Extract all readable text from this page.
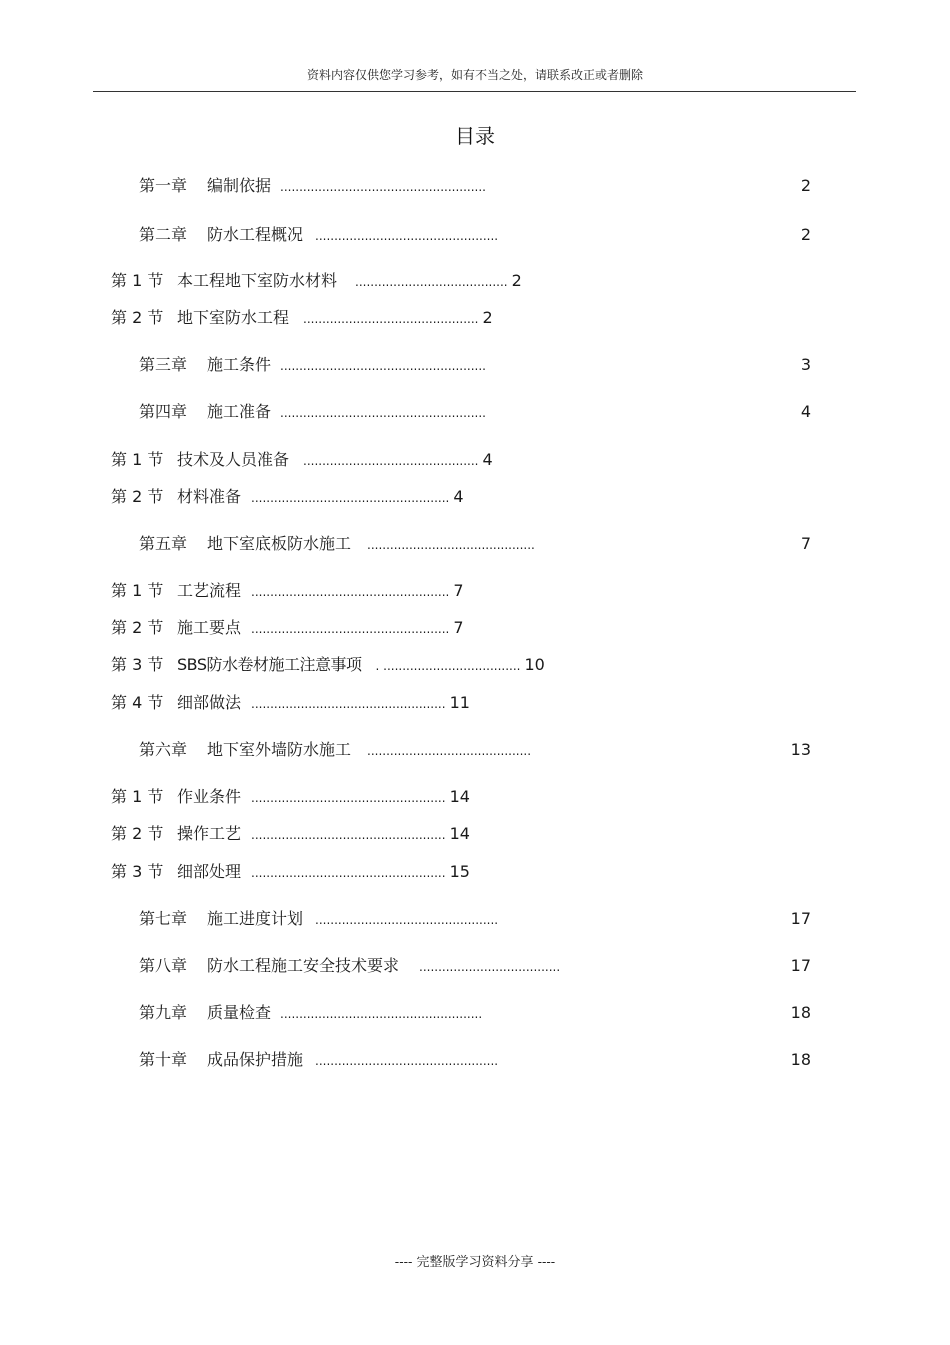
资料内容仅供您学习参考，如有不当之处，请联系改正或者删除
目录
第一章 编制依据 ......................................................	2
第二章 防水工程概况 ................................................	2
第 1 节 本工程地下室防水材料 ........................................ 2
第 2 节 地下室防水工程 .............................................. 2
第三章 施工条件 ......................................................	3
第四章 施工准备 ......................................................	4
第 1 节 技术及人员准备 .............................................. 4
第 2 节 材料准备 .................................................... 4
第五章 地下室底板防水施工 ............................................	7
第 1 节 工艺流程 .................................................... 7
第 2 节 施工要点 .................................................... 7
第 3 节 SBS防水卷材施工注意事项 . .................................... 10
第 4 节 细部做法 ................................................... 11
第六章 地下室外墙防水施工 ...........................................	13
第 1 节 作业条件 ................................................... 14
第 2 节 操作工艺 ................................................... 14
第 3 节 细部处理 ................................................... 15
第七章 施工进度计划 ................................................	17
第八章 防水工程施工安全技术要求 .....................................	17
第九章 质量检查 .....................................................	18
第十章 成品保护措施 ................................................	18
---- 完整版学习资料分享 ----
